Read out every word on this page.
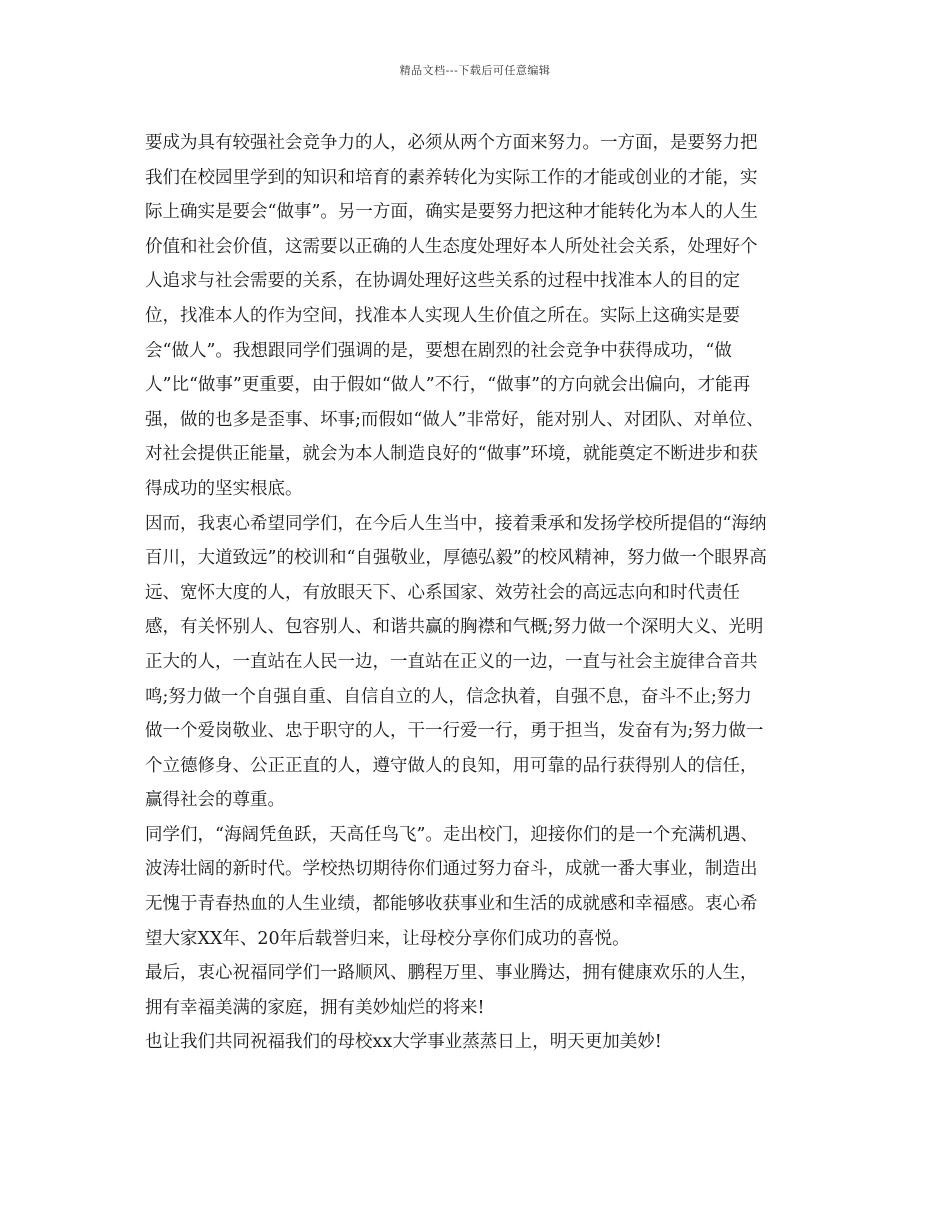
精品文档---下载后可任意编辑
要成为具有较强社会竞争力的人，必须从两个方面来努力。一方面，是要努力把
我们在校园里学到的知识和培育的素养转化为实际工作的才能或创业的才能，实
际上确实是要会“做事”。另一方面，确实是要努力把这种才能转化为本人的人生
价值和社会价值，这需要以正确的人生态度处理好本人所处社会关系，处理好个
人追求与社会需要的关系，在协调处理好这些关系的过程中找准本人的目的定
位，找准本人的作为空间，找准本人实现人生价值之所在。实际上这确实是要
会“做人”。我想跟同学们强调的是，要想在剧烈的社会竞争中获得成功，“做
人”比“做事”更重要，由于假如“做人”不行，“做事”的方向就会出偏向，才能再
强，做的也多是歪事、坏事;而假如“做人”非常好，能对别人、对团队、对单位、
对社会提供正能量，就会为本人制造良好的“做事”环境，就能奠定不断进步和获
得成功的坚实根底。
因而，我衷心希望同学们，在今后人生当中，接着秉承和发扬学校所提倡的“海纳
百川，大道致远”的校训和“自强敬业，厚德弘毅”的校风精神，努力做一个眼界高
远、宽怀大度的人，有放眼天下、心系国家、效劳社会的高远志向和时代责任
感，有关怀别人、包容别人、和谐共赢的胸襟和气概;努力做一个深明大义、光明
正大的人，一直站在人民一边，一直站在正义的一边，一直与社会主旋律合音共
鸣;努力做一个自强自重、自信自立的人，信念执着，自强不息，奋斗不止;努力
做一个爱岗敬业、忠于职守的人，干一行爱一行，勇于担当，发奋有为;努力做一
个立德修身、公正正直的人，遵守做人的良知，用可靠的品行获得别人的信任，
赢得社会的尊重。
同学们，“海阔凭鱼跃，天高任鸟飞”。走出校门，迎接你们的是一个充满机遇、
波涛壮阔的新时代。学校热切期待你们通过努力奋斗，成就一番大事业，制造出
无愧于青春热血的人生业绩，都能够收获事业和生活的成就感和幸福感。衷心希
望大家XX年、20年后载誉归来，让母校分享你们成功的喜悦。
最后，衷心祝福同学们一路顺风、鹏程万里、事业腾达，拥有健康欢乐的人生，
拥有幸福美满的家庭，拥有美妙灿烂的将来!
也让我们共同祝福我们的母校xx大学事业蒸蒸日上，明天更加美妙!
